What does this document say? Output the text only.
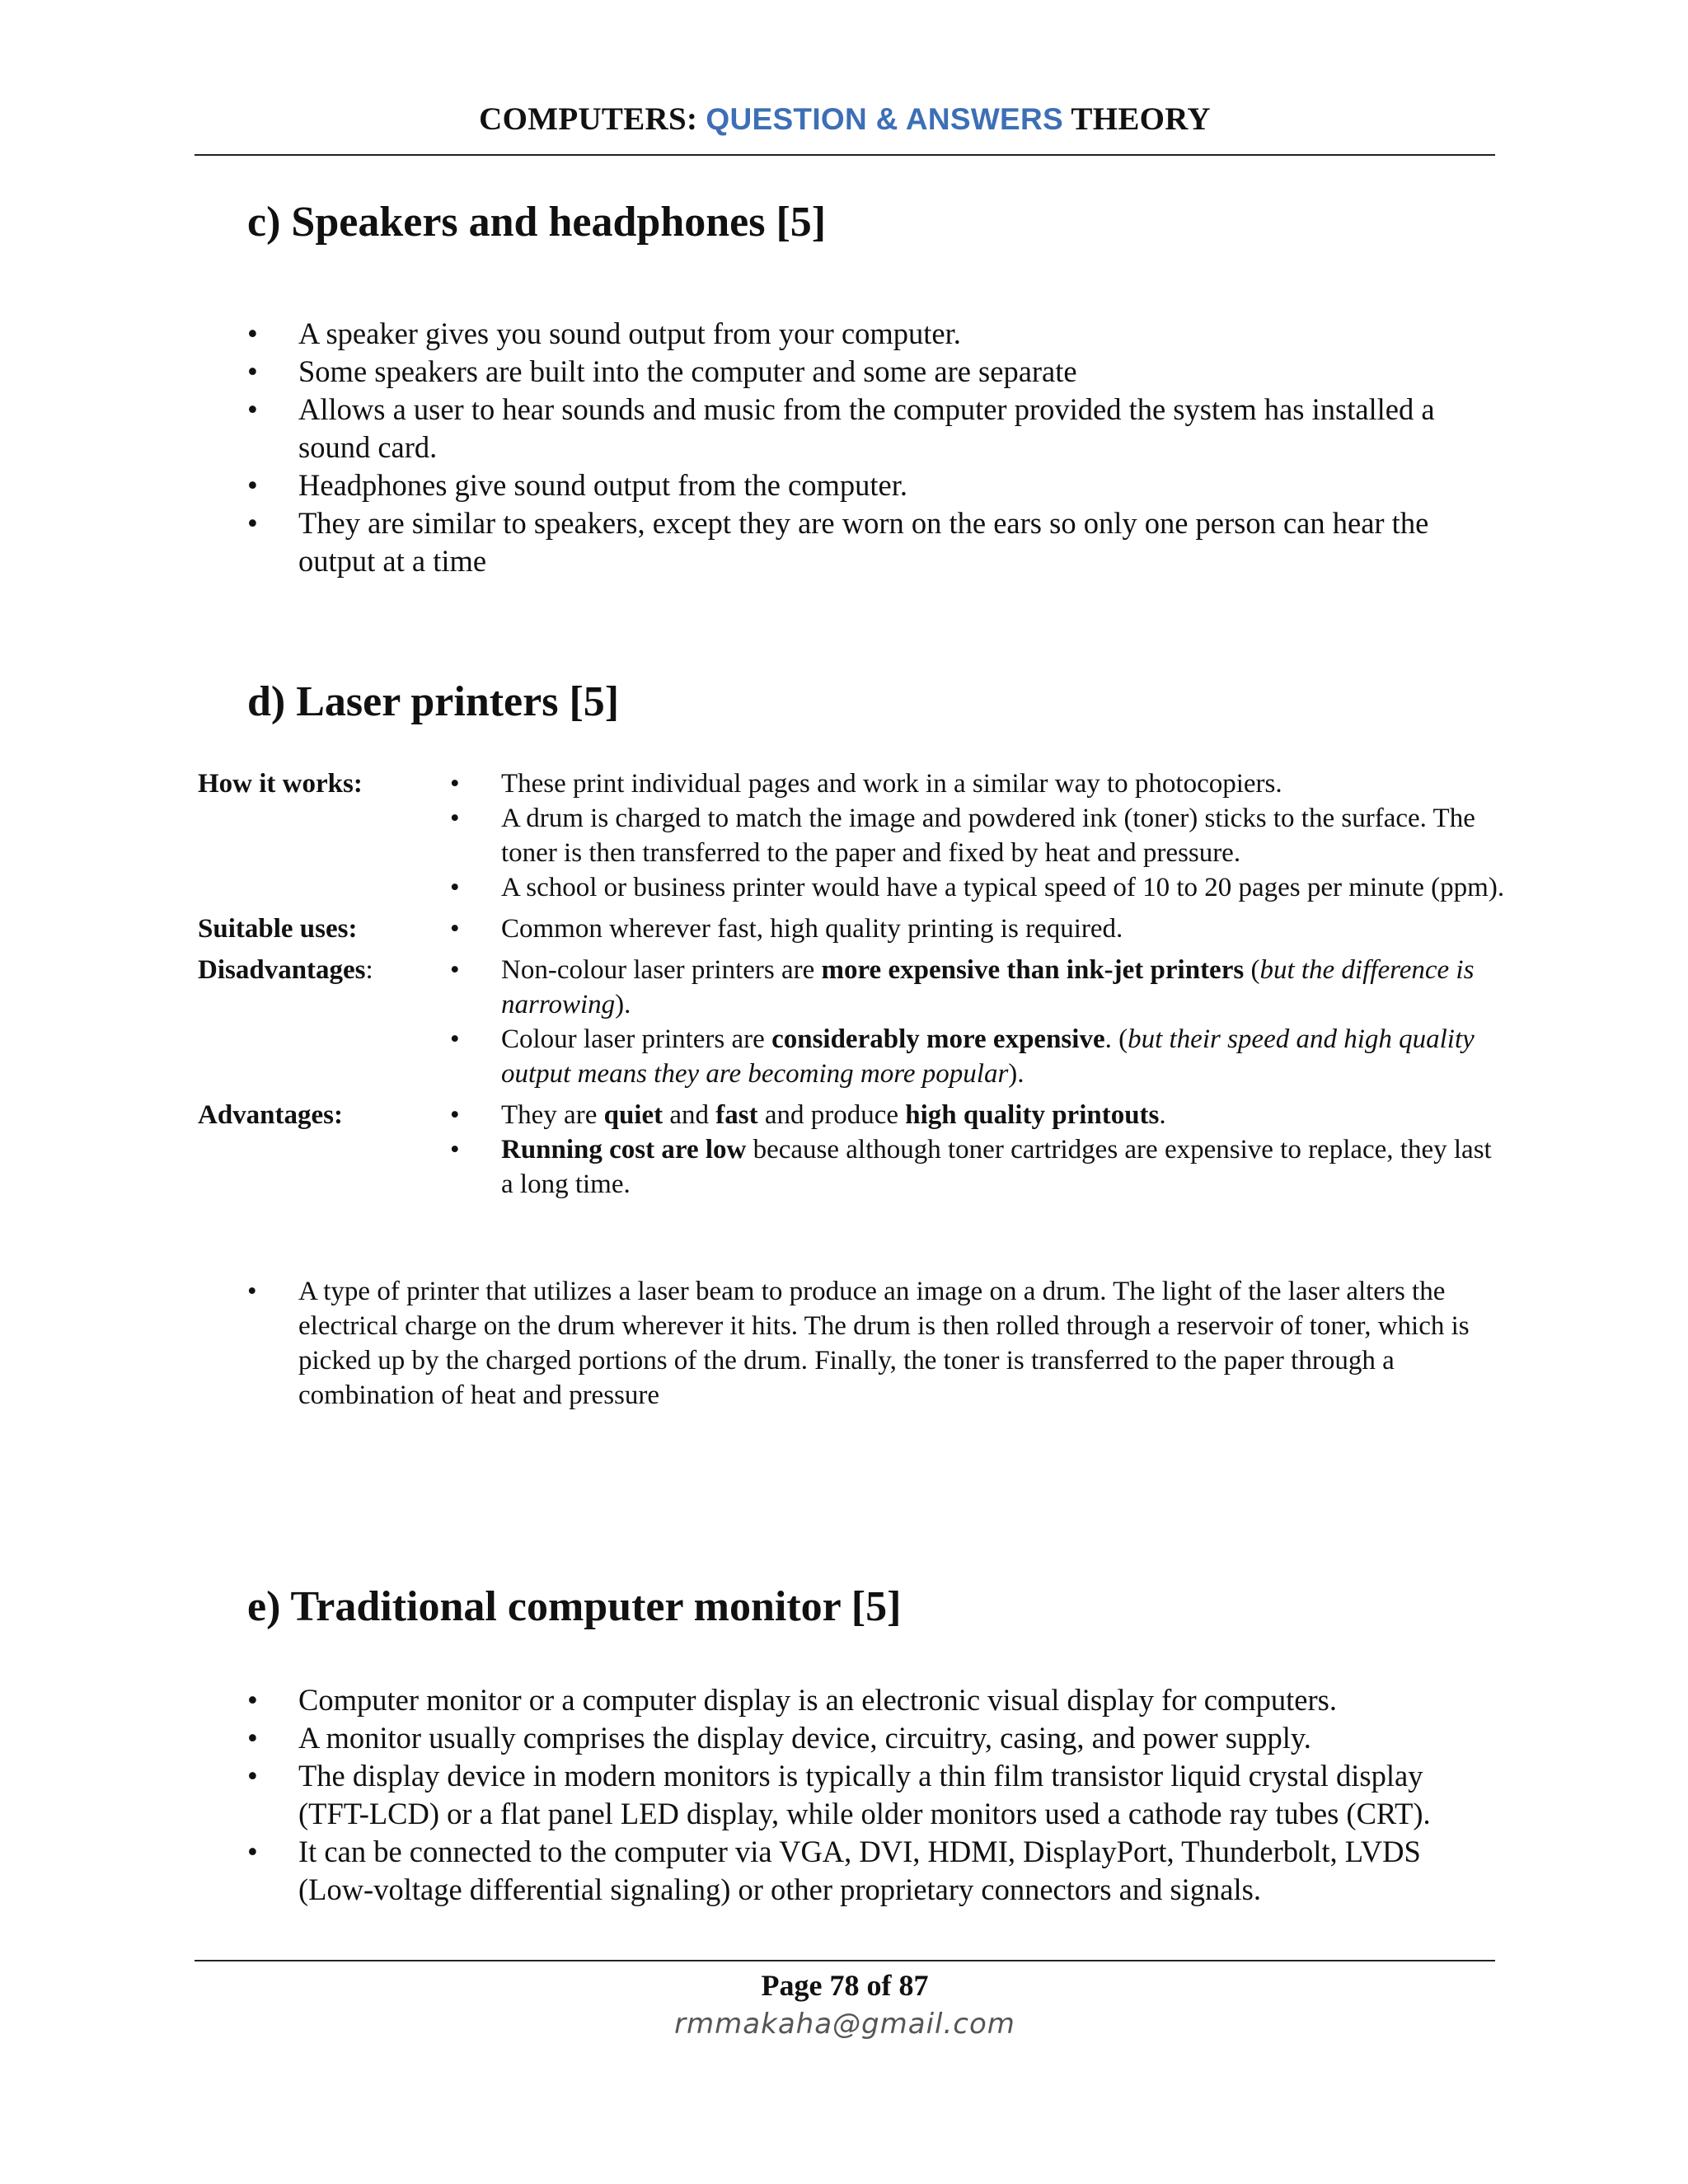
COMPUTERS: QUESTION & ANSWERS THEORY
c) Speakers and headphones [5]
• A speaker gives you sound output from your computer.
• Some speakers are built into the computer and some are separate
• Allows a user to hear sounds and music from the computer provided the system has installed a sound card.
• Headphones give sound output from the computer.
• They are similar to speakers, except they are worn on the ears so only one person can hear the output at a time
d) Laser printers [5]
How it works:	• These print individual pages and work in a similar way to photocopiers.
• A drum is charged to match the image and powdered ink (toner) sticks to the surface. The toner is then transferred to the paper and fixed by heat and pressure.
• A school or business printer would have a typical speed of 10 to 20 pages per minute (ppm).
Suitable uses:	• Common wherever fast, high quality printing is required.
Disadvantages:	• Non-colour laser printers are more expensive than ink-jet printers (but the difference is narrowing).
• Colour laser printers are considerably more expensive. (but their speed and high quality output means they are becoming more popular).
Advantages:	• They are quiet and fast and produce high quality printouts.
• Running cost are low because although toner cartridges are expensive to replace, they last a long time.
• A type of printer that utilizes a laser beam to produce an image on a drum. The light of the laser alters the electrical charge on the drum wherever it hits. The drum is then rolled through a reservoir of toner, which is picked up by the charged portions of the drum. Finally, the toner is transferred to the paper through a combination of heat and pressure
e) Traditional computer monitor [5]
• Computer monitor or a computer display is an electronic visual display for computers.
• A monitor usually comprises the display device, circuitry, casing, and power supply.
• The display device in modern monitors is typically a thin film transistor liquid crystal display (TFT-LCD) or a flat panel LED display, while older monitors used a cathode ray tubes (CRT).
• It can be connected to the computer via VGA, DVI, HDMI, DisplayPort, Thunderbolt, LVDS (Low-voltage differential signaling) or other proprietary connectors and signals.
Page 78 of 87
rmmakaha@gmail.com
